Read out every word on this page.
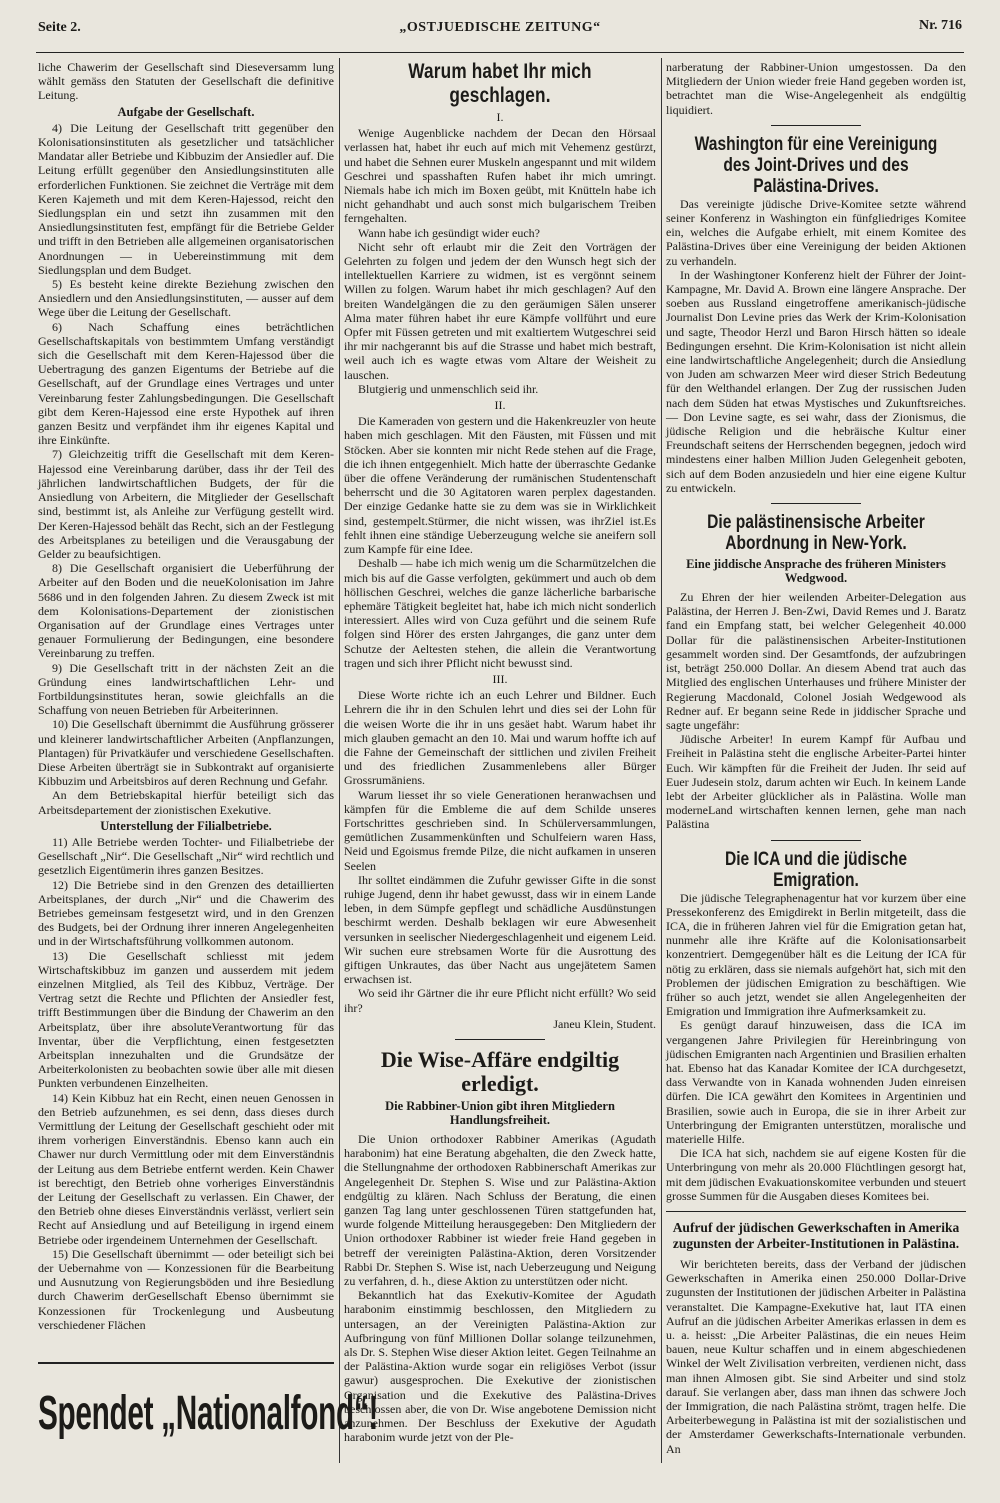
Seite 2.	„OSTJUEDISCHE ZEITUNG“	Nr. 716

liche Chawerim der Gesellschaft sind Dieseversamm lung wählt gemäss den Statuten der Gesellschaft die definitive Leitung.

Aufgabe der Gesellschaft.

4) Die Leitung der Gesellschaft tritt gegenüber den Kolonisationsinstituten als gesetzlicher und tatsächlicher Mandatar aller Betriebe und Kibbuzim der Ansiedler auf. Die Leitung erfüllt gegenüber den Ansiedlungsinstituten alle erforderlichen Funktionen. Sie zeichnet die Verträge mit dem Keren Kajemeth und mit dem Keren-Hajessod, reicht den Siedlungsplan ein und setzt ihn zusammen mit den Ansiedlungsinstituten fest, empfängt für die Betriebe Gelder und trifft in den Betrieben alle allgemeinen organisatorischen Anordnungen — in Uebereinstimmung mit dem Siedlungsplan und dem Budget.

5) Es besteht keine direkte Beziehung zwischen den Ansiedlern und den Ansiedlungsinstituten, — ausser auf dem Wege über die Leitung der Gesellschaft.

6) Nach Schaffung eines beträchtlichen Gesellschaftskapitals von bestimmtem Umfang verständigt sich die Gesellschaft mit dem Keren-Hajessod über die Uebertragung des ganzen Eigentums der Betriebe auf die Gesellschaft, auf der Grundlage eines Vertrages und unter Vereinbarung fester Zahlungsbedingungen. Die Gesellschaft gibt dem Keren-Hajessod eine erste Hypothek auf ihren ganzen Besitz und verpfändet ihm ihr eigenes Kapital und ihre Einkünfte.

7) Gleichzeitig trifft die Gesellschaft mit dem Keren-Hajessod eine Vereinbarung darüber, dass ihr der Teil des jährlichen landwirtschaftlichen Budgets, der für die Ansiedlung von Arbeitern, die Mitglieder der Gesellschaft sind, bestimmt ist, als Anleihe zur Verfügung gestellt wird. Der Keren-Hajessod behält das Recht, sich an der Festlegung des Arbeitsplanes zu beteiligen und die Verausgabung der Gelder zu beaufsichtigen.

8) Die Gesellschaft organisiert die Ueberführung der Arbeiter auf den Boden und die neueKolonisation im Jahre 5686 und in den folgenden Jahren. Zu diesem Zweck ist mit dem Kolonisations-Departement der zionistischen Organisation auf der Grundlage eines Vertrages unter genauer Formulierung der Bedingungen, eine besondere Vereinbarung zu treffen.

9) Die Gesellschaft tritt in der nächsten Zeit an die Gründung eines landwirtschaftlichen Lehr- und Fortbildungsinstitutes heran, sowie gleichfalls an die Schaffung von neuen Betrieben für Arbeiterinnen.

10) Die Gesellschaft übernimmt die Ausführung grösserer und kleinerer landwirtschaftlicher Arbeiten (Anpflanzungen, Plantagen) für Privatkäufer und verschiedene Gesellschaften. Diese Arbeiten überträgt sie in Subkontrakt auf organisierte Kibbuzim und Arbeitsbiros auf deren Rechnung und Gefahr.

An dem Betriebskapital hierfür beteiligt sich das Arbeitsdepartement der zionistischen Exekutive.

Unterstellung der Filialbetriebe.

11) Alle Betriebe werden Tochter- und Filialbetriebe der Gesellschaft „Nir“. Die Gesellschaft „Nir“ wird rechtlich und gesetzlich Eigentümerin ihres ganzen Besitzes.

12) Die Betriebe sind in den Grenzen des detaillierten Arbeitsplanes, der durch „Nir“ und die Chawerim des Betriebes gemeinsam festgesetzt wird, und in den Grenzen des Budgets, bei der Ordnung ihrer inneren Angelegenheiten und in der Wirtschaftsführung vollkommen autonom.

13) Die Gesellschaft schliesst mit jedem Wirtschaftskibbuz im ganzen und ausserdem mit jedem einzelnen Mitglied, als Teil des Kibbuz, Verträge. Der Vertrag setzt die Rechte und Pflichten der Ansiedler fest, trifft Bestimmungen über die Bindung der Chawerim an den Arbeitsplatz, über ihre absoluteVerantwortung für das Inventar, über die Verpflichtung, einen festgesetzten Arbeitsplan innezuhalten und die Grundsätze der Arbeiterkolonisten zu beobachten sowie über alle mit diesen Punkten verbundenen Einzelheiten.

14) Kein Kibbuz hat ein Recht, einen neuen Genossen in den Betrieb aufzunehmen, es sei denn, dass dieses durch Vermittlung der Leitung der Gesellschaft geschieht oder mit ihrem vorherigen Einverständnis. Ebenso kann auch ein Chawer nur durch Vermittlung oder mit dem Einverständnis der Leitung aus dem Betriebe entfernt werden. Kein Chawer ist berechtigt, den Betrieb ohne vorheriges Einverständnis der Leitung der Gesellschaft zu verlassen. Ein Chawer, der den Betrieb ohne dieses Einverständnis verlässt, verliert sein Recht auf Ansiedlung und auf Beteiligung in irgend einem Betriebe oder irgendeinem Unternehmen der Gesellschaft.

15) Die Gesellschaft übernimmt — oder beteiligt sich bei der Uebernahme von — Konzessionen für die Bearbeitung und Ausnutzung von Regierungsböden und ihre Besiedlung durch Chawerim derGesellschaft Ebenso übernimmt sie Konzessionen für Trockenlegung und Ausbeutung verschiedener Flächen

Spendet „Nationalfond“!
Warum habet Ihr mich geschlagen.
I.

Wenige Augenblicke nachdem der Decan den Hörsaal verlassen hat, habet ihr euch auf mich mit Vehemenz gestürzt, und habet die Sehnen eurer Muskeln angespannt und mit wildem Geschrei und spasshaften Rufen habet ihr mich umringt. Niemals habe ich mich im Boxen geübt, mit Knütteln habe ich nicht gehandhabt und auch sonst mich bulgarischem Treiben ferngehalten.

Wann habe ich gesündigt wider euch?

Nicht sehr oft erlaubt mir die Zeit den Vorträgen der Gelehrten zu folgen und jedem der den Wunsch hegt sich der intellektuellen Karriere zu widmen, ist es vergönnt seinem Willen zu folgen. Warum habet ihr mich geschlagen? Auf den breiten Wandelgängen die zu den geräumigen Sälen unserer Alma mater führen habet ihr eure Kämpfe vollführt und eure Opfer mit Füssen getreten und mit exaltiertem Wutgeschrei seid ihr mir nachgerannt bis auf die Strasse und habet mich bestraft, weil auch ich es wagte etwas vom Altare der Weisheit zu lauschen.

Blutgierig und unmenschlich seid ihr.

II.

Die Kameraden von gestern und die Hakenkreuzler von heute haben mich geschlagen. Mit den Fäusten, mit Füssen und mit Stöcken. Aber sie konnten mir nicht Rede stehen auf die Frage, die ich ihnen entgegenhielt. Mich hatte der überraschte Gedanke über die offene Veränderung der rumänischen Studentenschaft beherrscht und die 30 Agitatoren waren perplex dagestanden. Der einzige Gedanke hatte sie zu dem was sie in Wirklichkeit sind, gestempelt.Stürmer, die nicht wissen, was ihrZiel ist.Es fehlt ihnen eine ständige Ueberzeugung welche sie aneifern soll zum Kampfe für eine Idee.

Deshalb — habe ich mich wenig um die Scharmützelchen die mich bis auf die Gasse verfolgten, gekümmert und auch ob dem höllischen Geschrei, welches die ganze lächerliche barbarische ephemäre Tätigkeit begleitet hat, habe ich mich nicht sonderlich interessiert. Alles wird von Cuza geführt und die seinem Rufe folgen sind Hörer des ersten Jahrganges, die ganz unter dem Schutze der Aeltesten stehen, die allein die Verantwortung tragen und sich ihrer Pflicht nicht bewusst sind.

III.

Diese Worte richte ich an euch Lehrer und Bildner. Euch Lehrern die ihr in den Schulen lehrt und dies sei der Lohn für die weisen Worte die ihr in uns gesäet habt. Warum habet ihr mich glauben gemacht an den 10. Mai und warum hoffte ich auf die Fahne der Gemeinschaft der sittlichen und zivilen Freiheit und des friedlichen Zusammenlebens aller Bürger Grossrumäniens.

Warum liesset ihr so viele Generationen heranwachsen und kämpfen für die Embleme die auf dem Schilde unseres Fortschrittes geschrieben sind. In Schülerversammlungen, gemütlichen Zusammenkünften und Schulfeiern waren Hass, Neid und Egoismus fremde Pilze, die nicht aufkamen in unseren Seelen

Ihr solltet eindämmen die Zufuhr gewisser Gifte in die sonst ruhige Jugend, denn ihr habet gewusst, dass wir in einem Lande leben, in dem Sümpfe gepflegt und schädliche Ausdünstungen beschirmt werden. Deshalb beklagen wir eure Abwesenheit versunken in seelischer Niedergeschlagenheit und eigenem Leid. Wir suchen eure strebsamen Worte für die Ausrottung des giftigen Unkrautes, das über Nacht aus ungejätetem Samen erwachsen ist.

Wo seid ihr Gärtner die ihr eure Pflicht nicht erfüllt? Wo seid ihr?

Janeu Klein, Student.
Die Wise-Affäre endgiltig erledigt.
Die Rabbiner-Union gibt ihren Mitgliedern Handlungsfreiheit.

Die Union orthodoxer Rabbiner Amerikas (Agudath harabonim) hat eine Beratung abgehalten, die den Zweck hatte, die Stellungnahme der orthodoxen Rabbinerschaft Amerikas zur Angelegenheit Dr. Stephen S. Wise und zur Palästina-Aktion endgültig zu klären. Nach Schluss der Beratung, die einen ganzen Tag lang unter geschlossenen Türen stattgefunden hat, wurde folgende Mitteilung herausgegeben: Den Mitgliedern der Union orthodoxer Rabbiner ist wieder freie Hand gegeben in betreff der vereinigten Palästina-Aktion, deren Vorsitzender Rabbi Dr. Stephen S. Wise ist, nach Ueberzeugung und Neigung zu verfahren, d. h., diese Aktion zu unterstützen oder nicht.

Bekanntlich hat das Exekutiv-Komitee der Agudath harabonim einstimmig beschlossen, den Mitgliedern zu untersagen, an der Vereinigten Palästina-Aktion zur Aufbringung von fünf Millionen Dollar solange teilzunehmen, als Dr. S. Stephen Wise dieser Aktion leitet. Gegen Teilnahme an der Palästina-Aktion wurde sogar ein religiöses Verbot (issur gawur) ausgesprochen. Die Exekutive der zionistischen Organisation und die Exekutive des Palästina-Drives beschlossen aber, die von Dr. Wise angebotene Demission nicht anzunehmen. Der Beschluss der Exekutive der Agudath harabonim wurde jetzt von der Ple-

narberatung der Rabbiner-Union umgestossen. Da den Mitgliedern der Union wieder freie Hand gegeben worden ist, betrachtet man die Wise-Angelegenheit als endgültig liquidiert.

Washington für eine Vereinigung des Joint-Drives und des Palästina-Drives.

Das vereinigte jüdische Drive-Komitee setzte während seiner Konferenz in Washington ein fünfgliedriges Komitee ein, welches die Aufgabe erhielt, mit einem Komitee des Palästina-Drives über eine Vereinigung der beiden Aktionen zu verhandeln.

In der Washingtoner Konferenz hielt der Führer der Joint-Kampagne, Mr. David A. Brown eine längere Ansprache. Der soeben aus Russland eingetroffene amerikanisch-jüdische Journalist Don Levine pries das Werk der Krim-Kolonisation und sagte, Theodor Herzl und Baron Hirsch hätten so ideale Bedingungen ersehnt. Die Krim-Kolonisation ist nicht allein eine landwirtschaftliche Angelegenheit; durch die Ansiedlung von Juden am schwarzen Meer wird dieser Strich Bedeutung für den Welthandel erlangen. Der Zug der russischen Juden nach dem Süden hat etwas Mystisches und Zukunftsreiches. — Don Levine sagte, es sei wahr, dass der Zionismus, die jüdische Religion und die hebräische Kultur einer Freundschaft seitens der Herrschenden begegnen, jedoch wird mindestens einer halben Million Juden Gelegenheit geboten, sich auf dem Boden anzusiedeln und hier eine eigene Kultur zu entwickeln.

Die palästinensische Arbeiter Abordnung in New-York.
Eine jiddische Ansprache des früheren Ministers Wedgwood.

Zu Ehren der hier weilenden Arbeiter-Delegation aus Palästina, der Herren J. Ben-Zwi, David Remes und J. Baratz fand ein Empfang statt, bei welcher Gelegenheit 40.000 Dollar für die palästinensischen Arbeiter-Institutionen gesammelt worden sind. Der Gesamtfonds, der aufzubringen ist, beträgt 250.000 Dollar. An diesem Abend trat auch das Mitglied des englischen Unterhauses und frühere Minister der Regierung Macdonald, Colonel Josiah Wedgewood als Redner auf. Er begann seine Rede in jiddischer Sprache und sagte ungefähr:

Jüdische Arbeiter! In eurem Kampf für Aufbau und Freiheit in Palästina steht die englische Arbeiter-Partei hinter Euch. Wir kämpften für die Freiheit der Juden. Ihr seid auf Euer Judesein stolz, darum achten wir Euch. In keinem Lande lebt der Arbeiter glücklicher als in Palästina. Wolle man moderneLand wirtschaften kennen lernen, gehe man nach Palästina

Die ICA und die jüdische Emigration.

Die jüdische Telegraphenagentur hat vor kurzem über eine Pressekonferenz des Emigdirekt in Berlin mitgeteilt, dass die ICA, die in früheren Jahren viel für die Emigration getan hat, nunmehr alle ihre Kräfte auf die Kolonisationsarbeit konzentriert. Demgegenüber hält es die Leitung der ICA für nötig zu erklären, dass sie niemals aufgehört hat, sich mit den Problemen der jüdischen Emigration zu beschäftigen. Wie früher so auch jetzt, wendet sie allen Angelegenheiten der Emigration und Immigration ihre Aufmerksamkeit zu.

Es genügt darauf hinzuweisen, dass die ICA im vergangenen Jahre Privilegien für Hereinbringung von jüdischen Emigranten nach Argentinien und Brasilien erhalten hat. Ebenso hat das Kanadar Komitee der ICA durchgesetzt, dass Verwandte von in Kanada wohnenden Juden einreisen dürfen. Die ICA gewährt den Komitees in Argentinien und Brasilien, sowie auch in Europa, die sie in ihrer Arbeit zur Unterbringung der Emigranten unterstützen, moralische und materielle Hilfe.

Die ICA hat sich, nachdem sie auf eigene Kosten für die Unterbringung von mehr als 20.000 Flüchtlingen gesorgt hat, mit dem jüdischen Evakuationskomitee verbunden und steuert grosse Summen für die Ausgaben dieses Komitees bei.

Aufruf der jüdischen Gewerkschaften in Amerika zugunsten der Arbeiter-Institutionen in Palästina.

Wir berichteten bereits, dass der Verband der jüdischen Gewerkschaften in Amerika einen 250.000 Dollar-Drive zugunsten der Institutionen der jüdischen Arbeiter in Palästina veranstaltet. Die Kampagne-Exekutive hat, laut ITA einen Aufruf an die jüdischen Arbeiter Amerikas erlassen in dem es u. a. heisst: „Die Arbeiter Palästinas, die ein neues Heim bauen, neue Kultur schaffen und in einem abgeschiedenen Winkel der Welt Zivilisation verbreiten, verdienen nicht, dass man ihnen Almosen gibt. Sie sind Arbeiter und sind stolz darauf. Sie verlangen aber, dass man ihnen das schwere Joch der Immigration, die nach Palästina strömt, tragen helfe. Die Arbeiterbewegung in Palästina ist mit der sozialistischen und der Amsterdamer Gewerkschafts-Internationale verbunden. An
